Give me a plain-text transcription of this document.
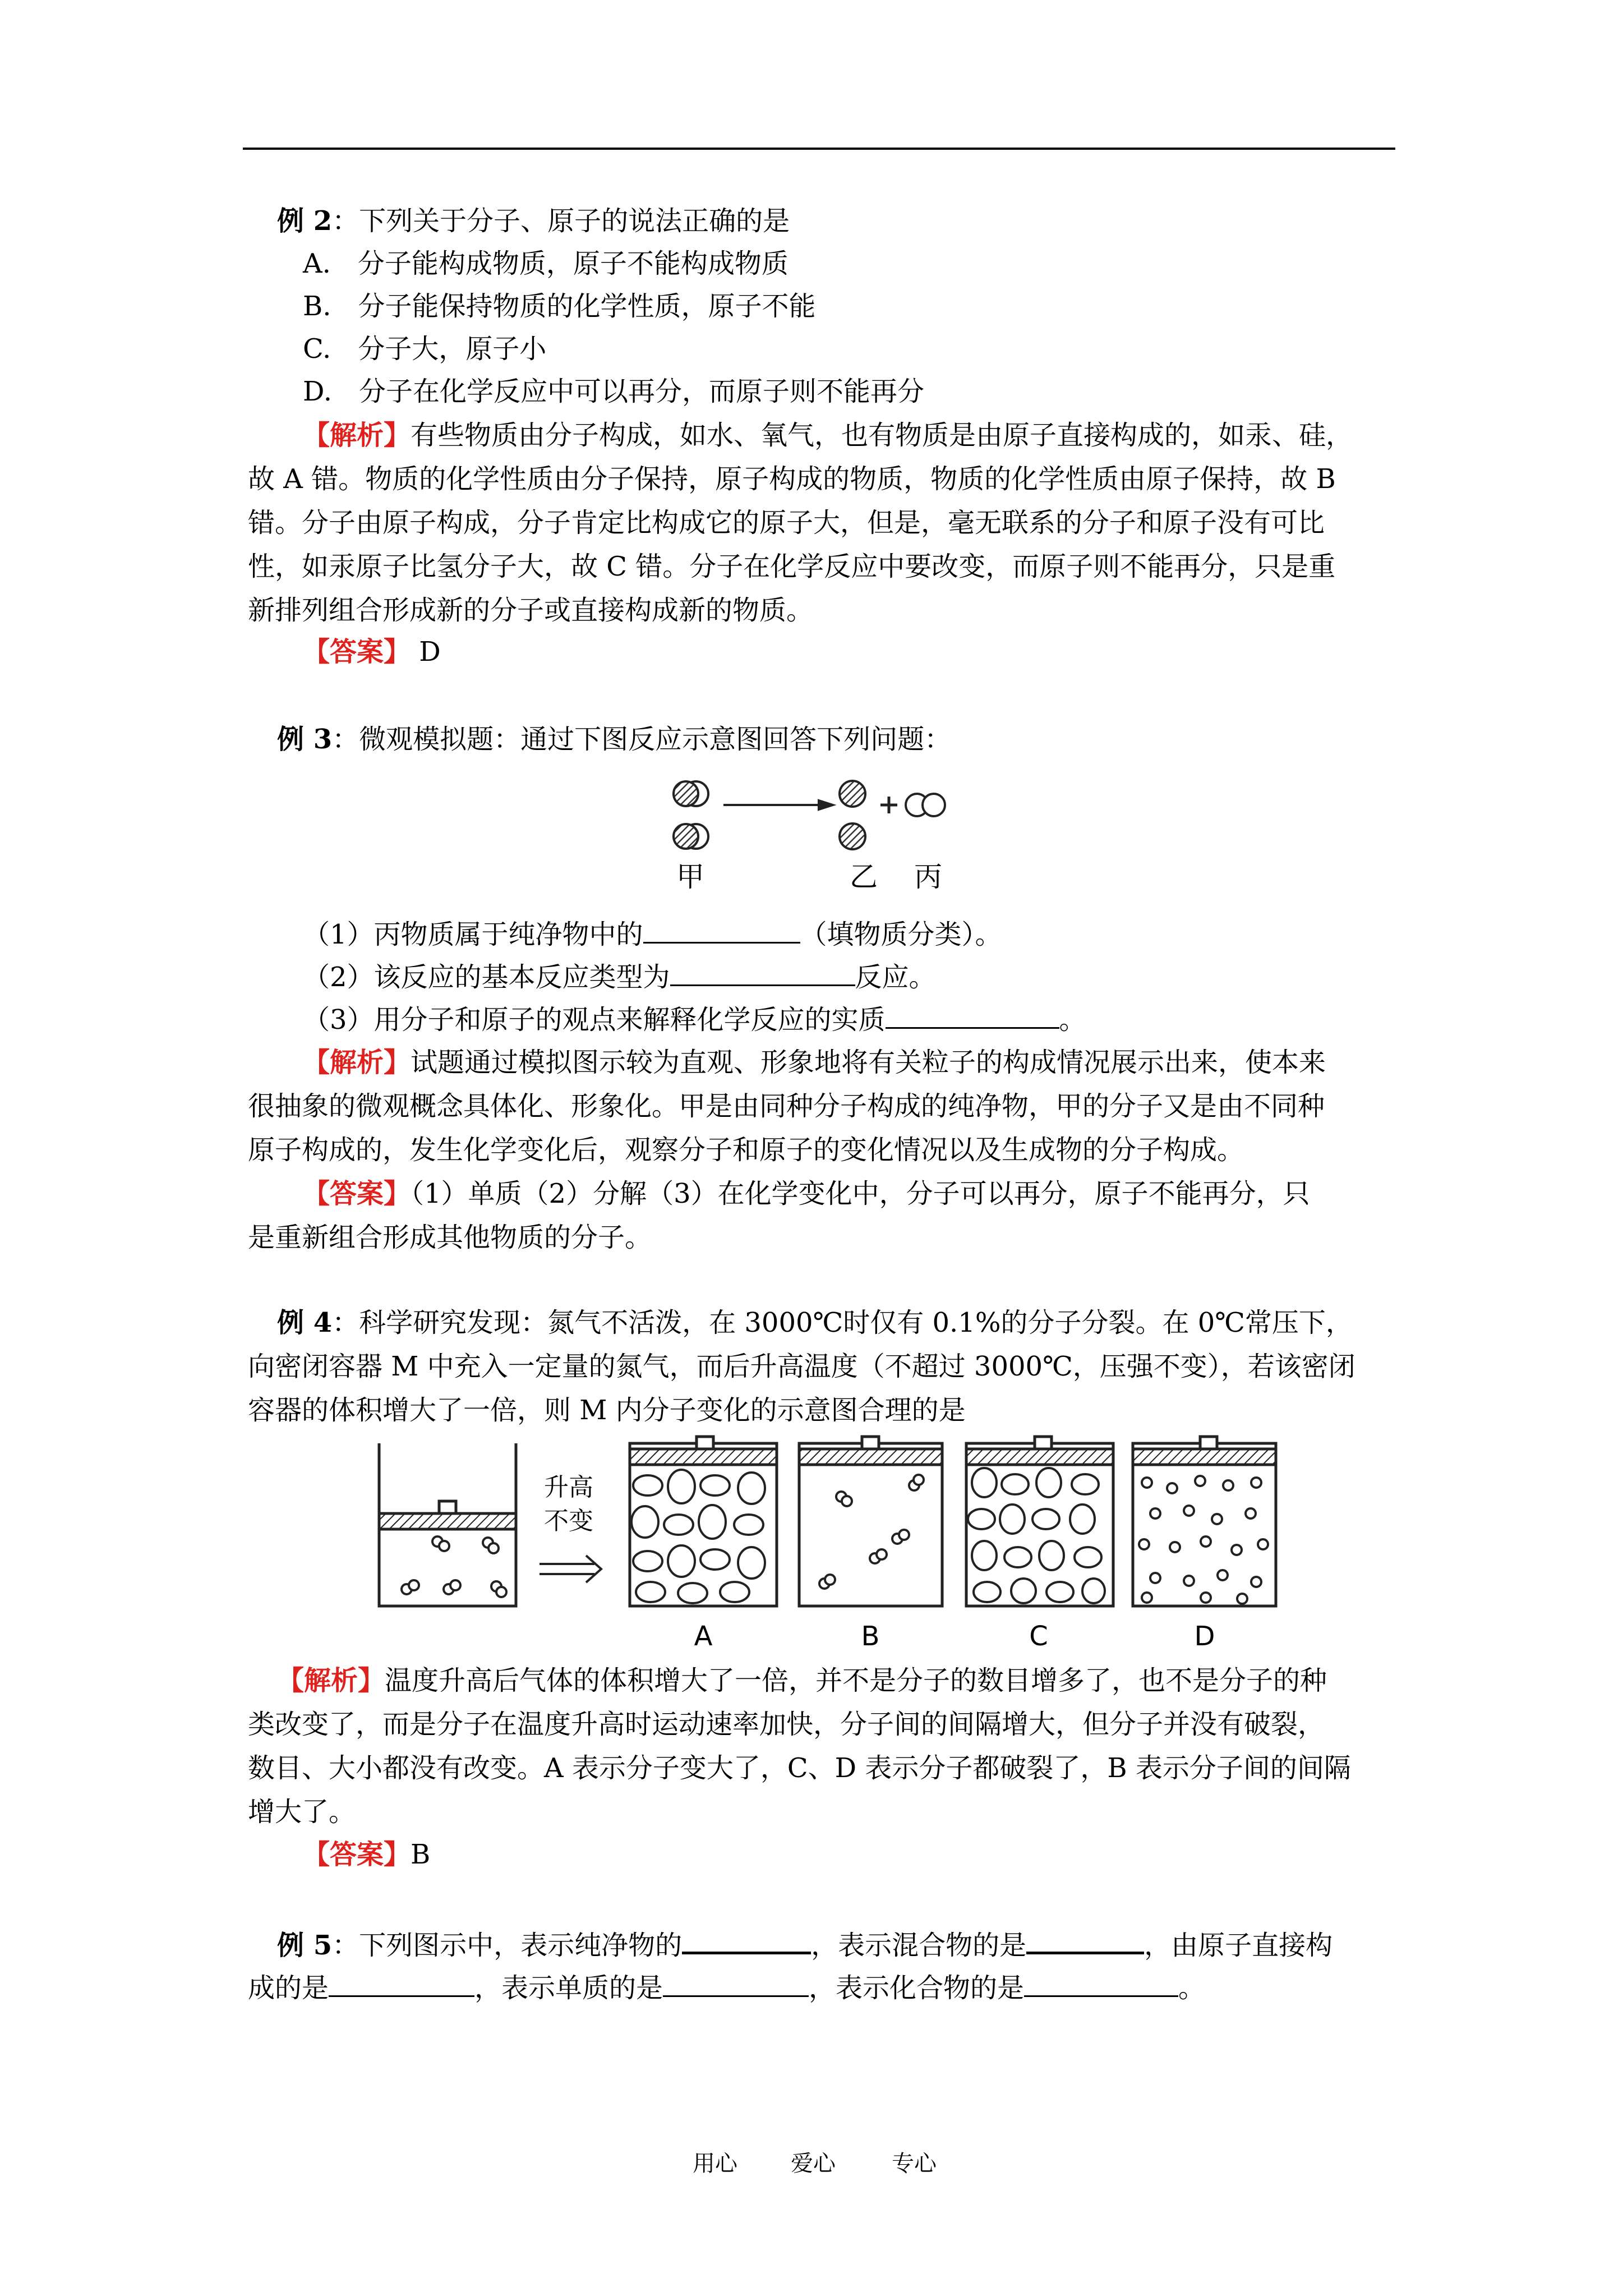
例 2：下列关于分子、原子的说法正确的是
A.　分子能构成物质，原子不能构成物质
B.　分子能保持物质的化学性质，原子不能
C.　分子大，原子小
D.　分子在化学反应中可以再分，而原子则不能再分
【解析】有些物质由分子构成，如水、氧气，也有物质是由原子直接构成的，如汞、硅，
故 A 错。物质的化学性质由分子保持，原子构成的物质，物质的化学性质由原子保持，故 B
错。分子由原子构成，分子肯定比构成它的原子大，但是，毫无联系的分子和原子没有可比
性，如汞原子比氢分子大，故 C 错。分子在化学反应中要改变，而原子则不能再分，只是重
新排列组合形成新的分子或直接构成新的物质。
【答案】 D
例 3：微观模拟题：通过下图反应示意图回答下列问题：
甲	乙 丙
（1）丙物质属于纯净物中的	（填物质分类）。
（2）该反应的基本反应类型为	反应。
（3）用分子和原子的观点来解释化学反应的实质	。
【解析】试题通过模拟图示较为直观、形象地将有关粒子的构成情况展示出来，使本来
很抽象的微观概念具体化、形象化。甲是由同种分子构成的纯净物，甲的分子又是由不同种
原子构成的，发生化学变化后，观察分子和原子的变化情况以及生成物的分子构成。
【答案】（1）单质（2）分解（3）在化学变化中，分子可以再分，原子不能再分，只
是重新组合形成其他物质的分子。
例 4：科学研究发现：氮气不活泼，在 3000℃时仅有 0.1%的分子分裂。在 0℃常压下，
向密闭容器 M 中充入一定量的氮气，而后升高温度（不超过 3000℃，压强不变），若该密闭
容器的体积增大了一倍，则 M 内分子变化的示意图合理的是
升高
不变
A	B	C	D
【解析】温度升高后气体的体积增大了一倍，并不是分子的数目增多了，也不是分子的种
类改变了，而是分子在温度升高时运动速率加快，分子间的间隔增大，但分子并没有破裂，
数目、大小都没有改变。A 表示分子变大了，C、D 表示分子都破裂了，B 表示分子间的间隔
增大了。
【答案】B
例 5：下列图示中，表示纯净物的	，表示混合物的是	，由原子直接构
成的是	，表示单质的是	，表示化合物的是	。
用心 爱心	专心
